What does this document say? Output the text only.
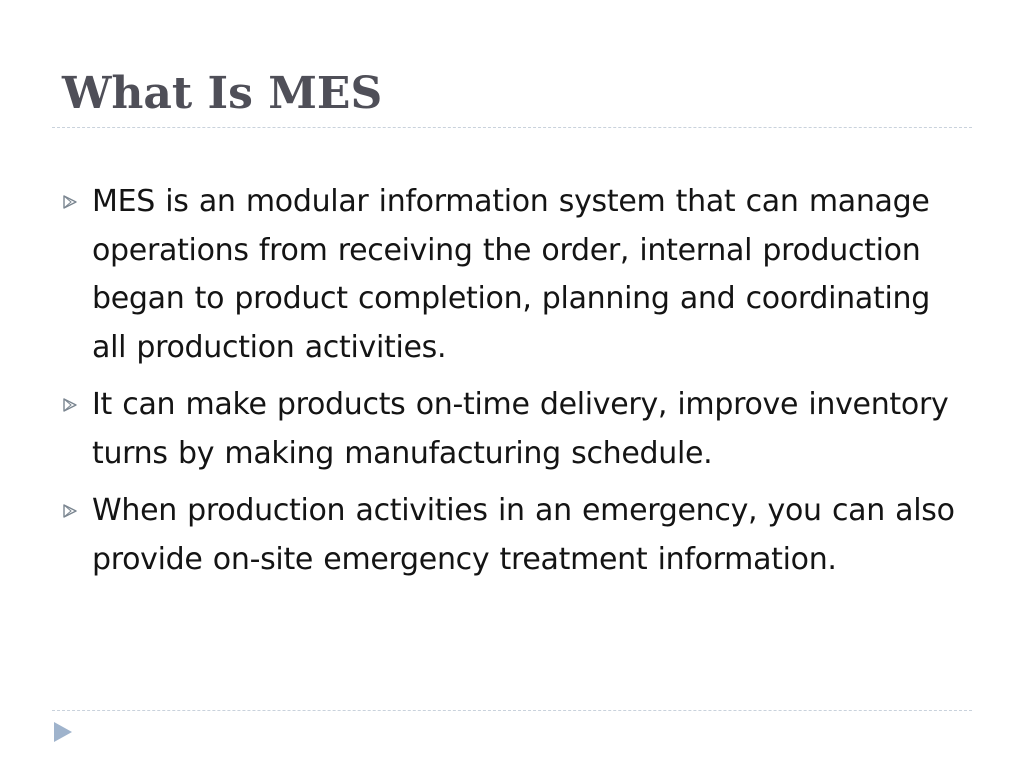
What Is MES
MES is an modular information system that can manage operations from receiving the order, internal production began to product completion, planning and coordinating all production activities.
It can make products on-time delivery, improve inventory turns by making manufacturing schedule.
When production activities in an emergency, you can also provide on-site emergency treatment information.
